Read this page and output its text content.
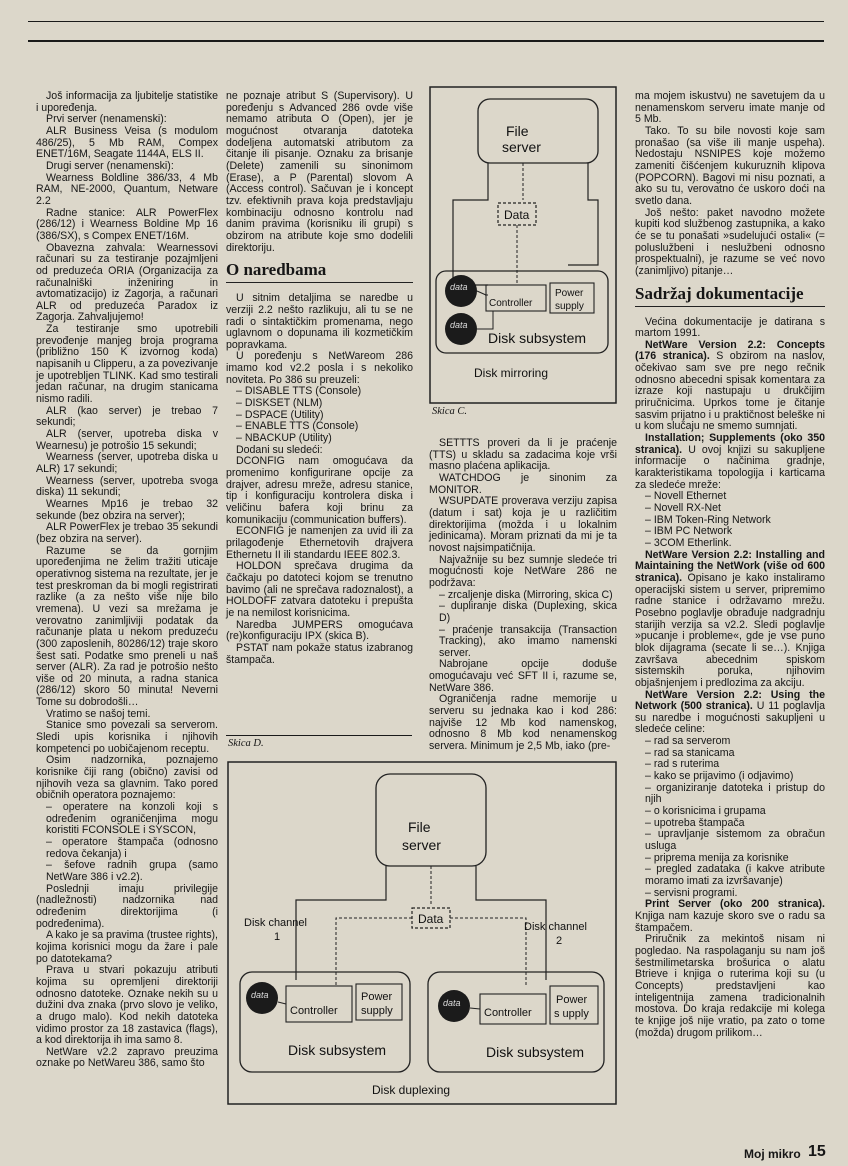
Još informacija za ljubitelje statistike i upoređenja.

Prvi server (nenamenski):

ALR Business Veisa (s modulom 486/25), 5 Mb RAM, Compex ENET/16M, Seagate 1144A, ELS II.

Drugi server (nenamenski):

Wearness Boldline 386/33, 4 Mb RAM, NE-2000, Quantum, Netware 2.2

Radne stanice: ALR PowerFlex (286/12) i Wearness Boldine Mp 16 (386/SX), s Compex ENET/16M.

Obavezna zahvala: Wearnessovi računari su za testiranje pozajmljeni od preduzeća ORIA (Organizacija za računalniški inženiring in avtomatizacijo) iz Zagorja, a računari ALR od preduzeća Paradox iz Zagorja. Zahvaljujemo!

Za testiranje smo upotrebili prevođenje manjeg broja programa (približno 150 K izvornog koda) napisanih u Clipperu, a za povezivanje je upotrebljen TLINK. Kad smo testirali jedan računar, na drugim stanicama nismo radili.

ALR (kao server) je trebao 7 sekundi;

ALR (server, upotreba diska v Wearnesu) je potrošio 15 sekundi;

Wearness (server, upotreba diska u ALR) 17 sekundi;

Wearness (server, upotreba svoga diska) 11 sekundi;

Wearnes Mp16 je trebao 32 sekunde (bez obzira na server);

ALR PowerFlex je trebao 35 sekundi (bez obzira na server).

Razume se da gornjim upoređenjima ne želim tražiti uticaje operativnog sistema na rezultate, jer je test preskroman da bi mogli registrirati razlike (a za nešto više nije bilo vremena). U vezi sa mrežama je verovatno zanimljiviji podatak da računanje plata u nekom preduzeću (300 zaposlenih, 80286/12) traje skoro šest sati. Podatke smo preneli u naš server (ALR). Za rad je potrošio nešto više od 20 minuta, a radna stanica (286/12) skoro 50 minuta! Neverni Tome su dobrodošli…

Vratimo se našoj temi.

Stanice smo povezali sa serverom. Sledi upis korisnika i njihovih kompetenci po uobičajenom receptu.

Osim nadzornika, poznajemo korisnike čiji rang (obično) zavisi od njihovih veza sa glavnim. Tako pored običnih operatora poznajemo:

– operatere na konzoli koji s određenim ograničenjima mogu koristiti FCONSOLE i SYSCON,

– operatore štampača (odnosno redova čekanja) i

– šefove radnih grupa (samo NetWare 386 i v2.2).

Poslednji imaju privilegije (nadležnosti) nadzornika nad određenim direktorijima (i podređenima).

A kako je sa pravima (trustee rights), kojima korisnici mogu da žare i pale po datotekama?

Prava u stvari pokazuju atributi kojima su opremljeni direktoriji odnosno datoteke. Oznake nekih su u dužini dva znaka (prvo slovo je veliko, a drugo malo). Kod nekih datoteka vidimo prostor za 18 zastavica (flags), a kod direktorija ih ima samo 8.

NetWare v2.2 zapravo preuzima oznake po NetWareu 386, samo što

ne poznaje atribut S (Supervisory). U poređenju s Advanced 286 ovde više nemamo atributa O (Open), jer je mogućnost otvaranja datoteka dodeljena automatski atributom za čitanje ili pisanje. Oznaku za brisanje (Delete) zamenili su sinonimom (Erase), a P (Parental) slovom A (Access control). Sačuvan je i koncept tzv. efektivnih prava koja predstavljaju kombinaciju odnosno kontrolu nad danim pravima (korisniku ili grupi) s obzirom na atribute koje smo dodelili direktoriju.

O naredbama

U sitnim detaljima se naredbe u verziji 2.2 nešto razlikuju, ali tu se ne radi o sintaktičkim promenama, nego uglavnom o dopunama ili kozmetičkim popravkama.

U poređenju s NetWareom 286 imamo kod v2.2 posla i s nekoliko noviteta. Po 386 su preuzeli:

– DISABLE TTS (Console)

– DISKSET (NLM)

– DSPACE (Utility)

– ENABLE TTS (Console)

– NBACKUP (Utility)

Dodani su sledeći:

DCONFIG nam omogućava da promenimo konfigurirane opcije za drajver, adresu mreže, adresu stanice, tip i konfiguraciju kontrolera diska i veličinu bafera koji brinu za komunikaciju (communication buffers).

ECONFIG je namenjen za uvid ili za prilagođenje Ethernetovih drajvera Ethernetu II ili standardu IEEE 802.3.

HOLDON sprečava drugima da čačkaju po datoteci kojom se trenutno bavimo (ali ne sprečava radoznalost), a HOLDOFF zatvara datoteku i prepušta je na nemilost korisnicima.

Naredba JUMPERS omogućava (re)konfiguraciju IPX (skica B).

PSTAT nam pokaže status izabranog štampača.

SETTTS proveri da li je praćenje (TTS) u skladu sa zadacima koje vrši masno plaćena aplikacija.

WATCHDOG je sinonim za MONITOR.

WSUPDATE proverava verziju zapisa (datum i sat) koja je u različitim direktorijima (možda i u lokalnim jedinicama). Moram priznati da mi je ta novost najsimpatičnija.

Najvažnije su bez sumnje sledeće tri mogućnosti koje NetWare 286 ne podržava:

– zrcaljenje diska (Mirroring, skica C)

– dupliranje diska (Duplexing, skica D)

– praćenje transakcija (Transaction Tracking), ako imamo namenski server.

Nabrojane opcije doduše omogućavaju već SFT II i, razume se, NetWare 386.

Ograničenja radne memorije u serveru su jednaka kao i kod 286: najviše 12 Mb kod namenskog, odnosno 8 Mb kod nenamenskog servera. Minimum je 2,5 Mb, iako (pre-

ma mojem iskustvu) ne savetujem da u nenamenskom serveru imate manje od 5 Mb.

Tako. To su bile novosti koje sam pronašao (sa više ili manje uspeha). Nedostaju NSNIPES koje možemo zameniti čišćenjem kukuruznih klipova (POPCORN). Bagovi mi nisu poznati, a ako su tu, verovatno će uskoro doći na svetlo dana.

Još nešto: paket navodno možete kupiti kod službenog zastupnika, a kako će se tu ponašati »sudelujući ostali« (= poluslužbeni i neslužbeni odnosno prospektualni), je razume se već novo (zanimljivo) pitanje…

Sadržaj dokumentacije

Većina dokumentacije je datirana s martom 1991.

NetWare Version 2.2: Concepts (176 stranica). S obzirom na naslov, očekivao sam sve pre nego rečnik odnosno abecedni spisak komentara za izraze koji nastupaju u drukčijim priručnicima. Uprkos tome je čitanje sasvim prijatno i u praktičnost beleške ni u kom slučaju ne smemo sumnjati.

Installation; Supplements (oko 350 stranica). U ovoj knjizi su sakupljene informacije o načinima gradnje, karakteristikama topologija i karticama za sledeće mreže:

– Novell Ethernet

– Novell RX-Net

– IBM Token-Ring Network

– IBM PC Network

– 3COM Etherlink.

NetWare Version 2.2: Installing and Maintaining the NetWork (više od 600 stranica). Opisano je kako instaliramo operacijski sistem u server, pripremimo radne stanice i održavamo mrežu. Posebno poglavlje obrađuje nadgradnju starijih verzija sa v2.2. Sledi poglavlje »pucanje i probleme«, gde je vse puno blok dijagrama (secate li se…). Knjiga završava abecednim spiskom sistemskih poruka, njihovim objašnjenjem i predlozima za akciju.

NetWare Version 2.2: Using the Network (500 stranica). U 11 poglavlja su naredbe i mogućnosti sakupljeni u sledeće celine:

– rad sa serverom

– rad sa stanicama

– rad s ruterima

– kako se prijavimo (i odjavimo)

– organiziranje datoteka i pristup do njih

– o korisnicima i grupama

– upotreba štampača

– upravljanje sistemom za obračun usluga

– pripremа menija za korisnike

– pregled zadataka (i kakve atribute moramo imati za izvršavanje)

– servisni programi.

Print Server (oko 200 stranica). Knjiga nam kazuje skoro sve o radu sa štampačem.

Priručnik za mekintoš nisam ni pogledao. Na raspolaganju su nam još šestmilimetarska brošurica o alatu Btrieve i knjiga o ruterima koji su (u Concepts) predstavljeni kao inteligentnija zamena tradicionalnih mostova. Do kraja redakcije mi kolega te knjige još nije vratio, pa zato o tome (možda) drugom prilikom…

File
server
Data
Controller
Power
supply
data
data
Disk subsystem
Disk mirroring
Skica C.
Skica D.
File
server
Data
Disk channel
1
Disk channel
2
Controller
Power
supply
data
Disk subsystem
Controller
Power
s upply
data
Disk subsystem
Disk duplexing
Moj mikro 15
